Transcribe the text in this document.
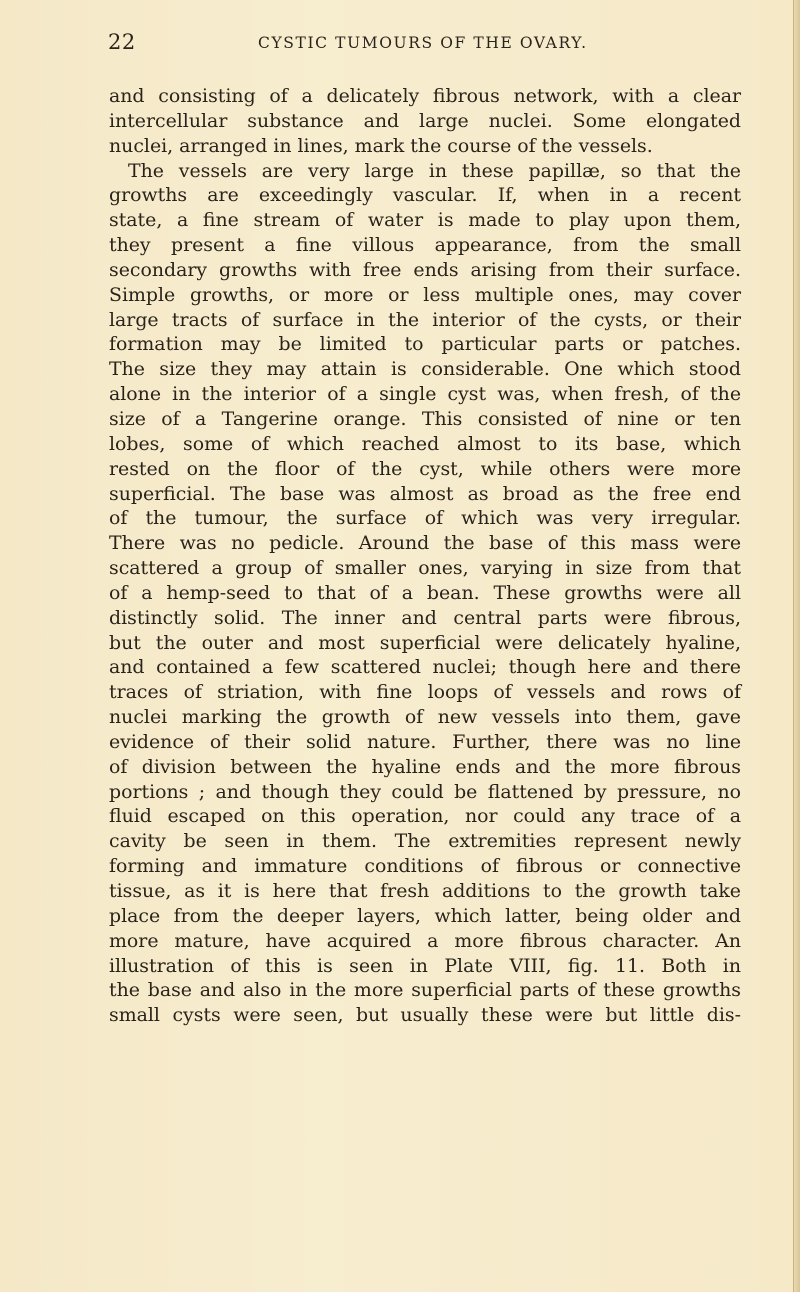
22	CYSTIC TUMOURS OF THE OVARY.
and consisting of a delicately fibrous network, with a clear
intercellular substance and large nuclei. Some elongated
nuclei, arranged in lines, mark the course of the vessels.
The vessels are very large in these papillæ, so that the
growths are exceedingly vascular. If, when in a recent
state, a fine stream of water is made to play upon them,
they present a fine villous appearance, from the small
secondary growths with free ends arising from their surface.
Simple growths, or more or less multiple ones, may cover
large tracts of surface in the interior of the cysts, or their
formation may be limited to particular parts or patches.
The size they may attain is considerable. One which stood
alone in the interior of a single cyst was, when fresh, of the
size of a Tangerine orange. This consisted of nine or ten
lobes, some of which reached almost to its base, which
rested on the floor of the cyst, while others were more
superficial. The base was almost as broad as the free end
of the tumour, the surface of which was very irregular.
There was no pedicle. Around the base of this mass were
scattered a group of smaller ones, varying in size from that
of a hemp-seed to that of a bean. These growths were all
distinctly solid. The inner and central parts were fibrous,
but the outer and most superficial were delicately hyaline,
and contained a few scattered nuclei; though here and there
traces of striation, with fine loops of vessels and rows of
nuclei marking the growth of new vessels into them, gave
evidence of their solid nature. Further, there was no line
of division between the hyaline ends and the more fibrous
portions ; and though they could be flattened by pressure, no
fluid escaped on this operation, nor could any trace of a
cavity be seen in them. The extremities represent newly
forming and immature conditions of fibrous or connective
tissue, as it is here that fresh additions to the growth take
place from the deeper layers, which latter, being older and
more mature, have acquired a more fibrous character. An
illustration of this is seen in Plate VIII, fig. 11. Both in
the base and also in the more superficial parts of these growths
small cysts were seen, but usually these were but little dis-
